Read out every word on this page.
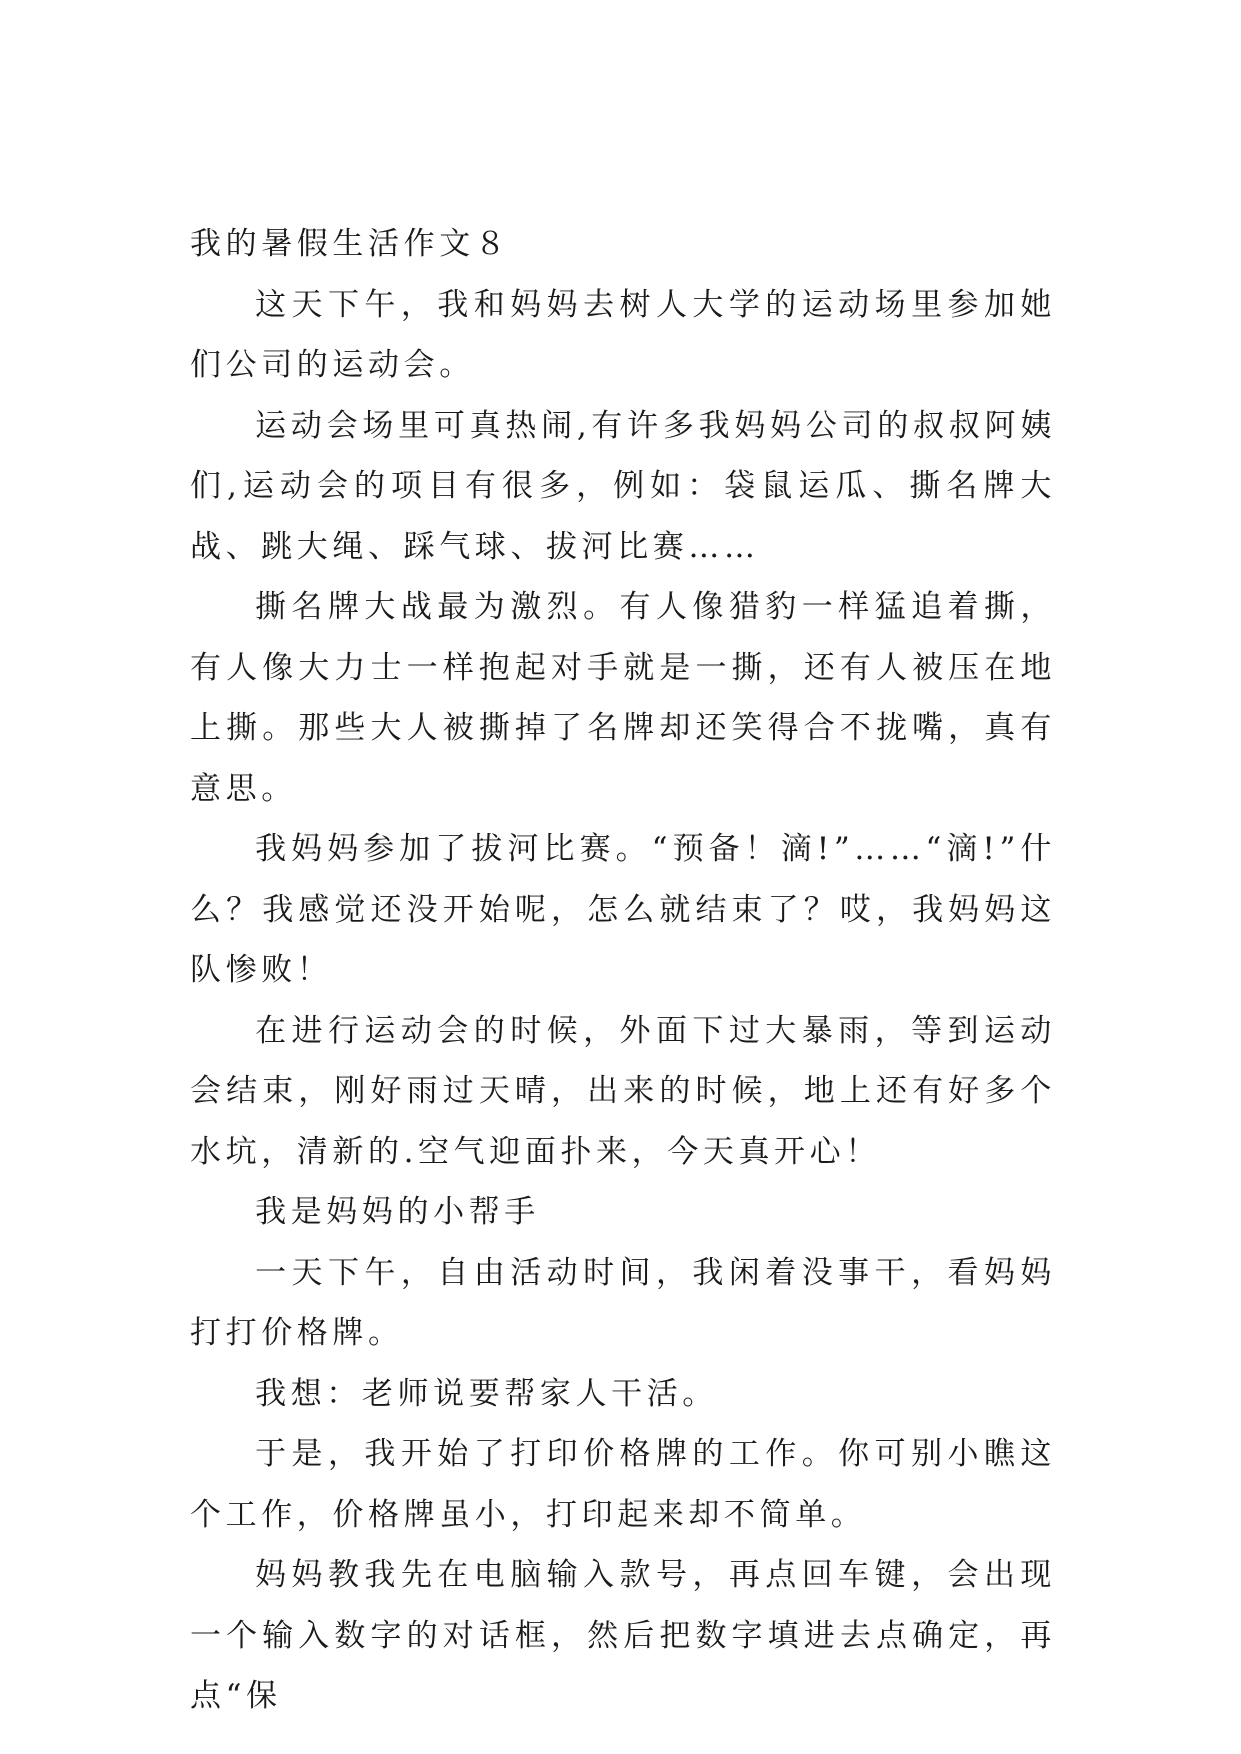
我的暑假生活作文８

这天下午，我和妈妈去树人大学的运动场里参加她们公司的运动会。

运动会场里可真热闹,有许多我妈妈公司的叔叔阿姨们,运动会的项目有很多，例如：袋鼠运瓜、撕名牌大战、跳大绳、踩气球、拔河比赛……

撕名牌大战最为激烈。有人像猎豹一样猛追着撕，有人像大力士一样抱起对手就是一撕，还有人被压在地上撕。那些大人被撕掉了名牌却还笑得合不拢嘴，真有意思。

我妈妈参加了拔河比赛。“预备！滴!”……“滴!”什么？我感觉还没开始呢，怎么就结束了？哎，我妈妈这队惨败！

在进行运动会的时候，外面下过大暴雨，等到运动会结束，刚好雨过天晴，出来的时候，地上还有好多个水坑，清新的.空气迎面扑来，今天真开心！

我是妈妈的小帮手

一天下午，自由活动时间，我闲着没事干，看妈妈打打价格牌。

我想：老师说要帮家人干活。

于是，我开始了打印价格牌的工作。你可别小瞧这个工作，价格牌虽小，打印起来却不简单。

妈妈教我先在电脑输入款号，再点回车键，会出现一个输入数字的对话框，然后把数字填进去点确定，再点“保
